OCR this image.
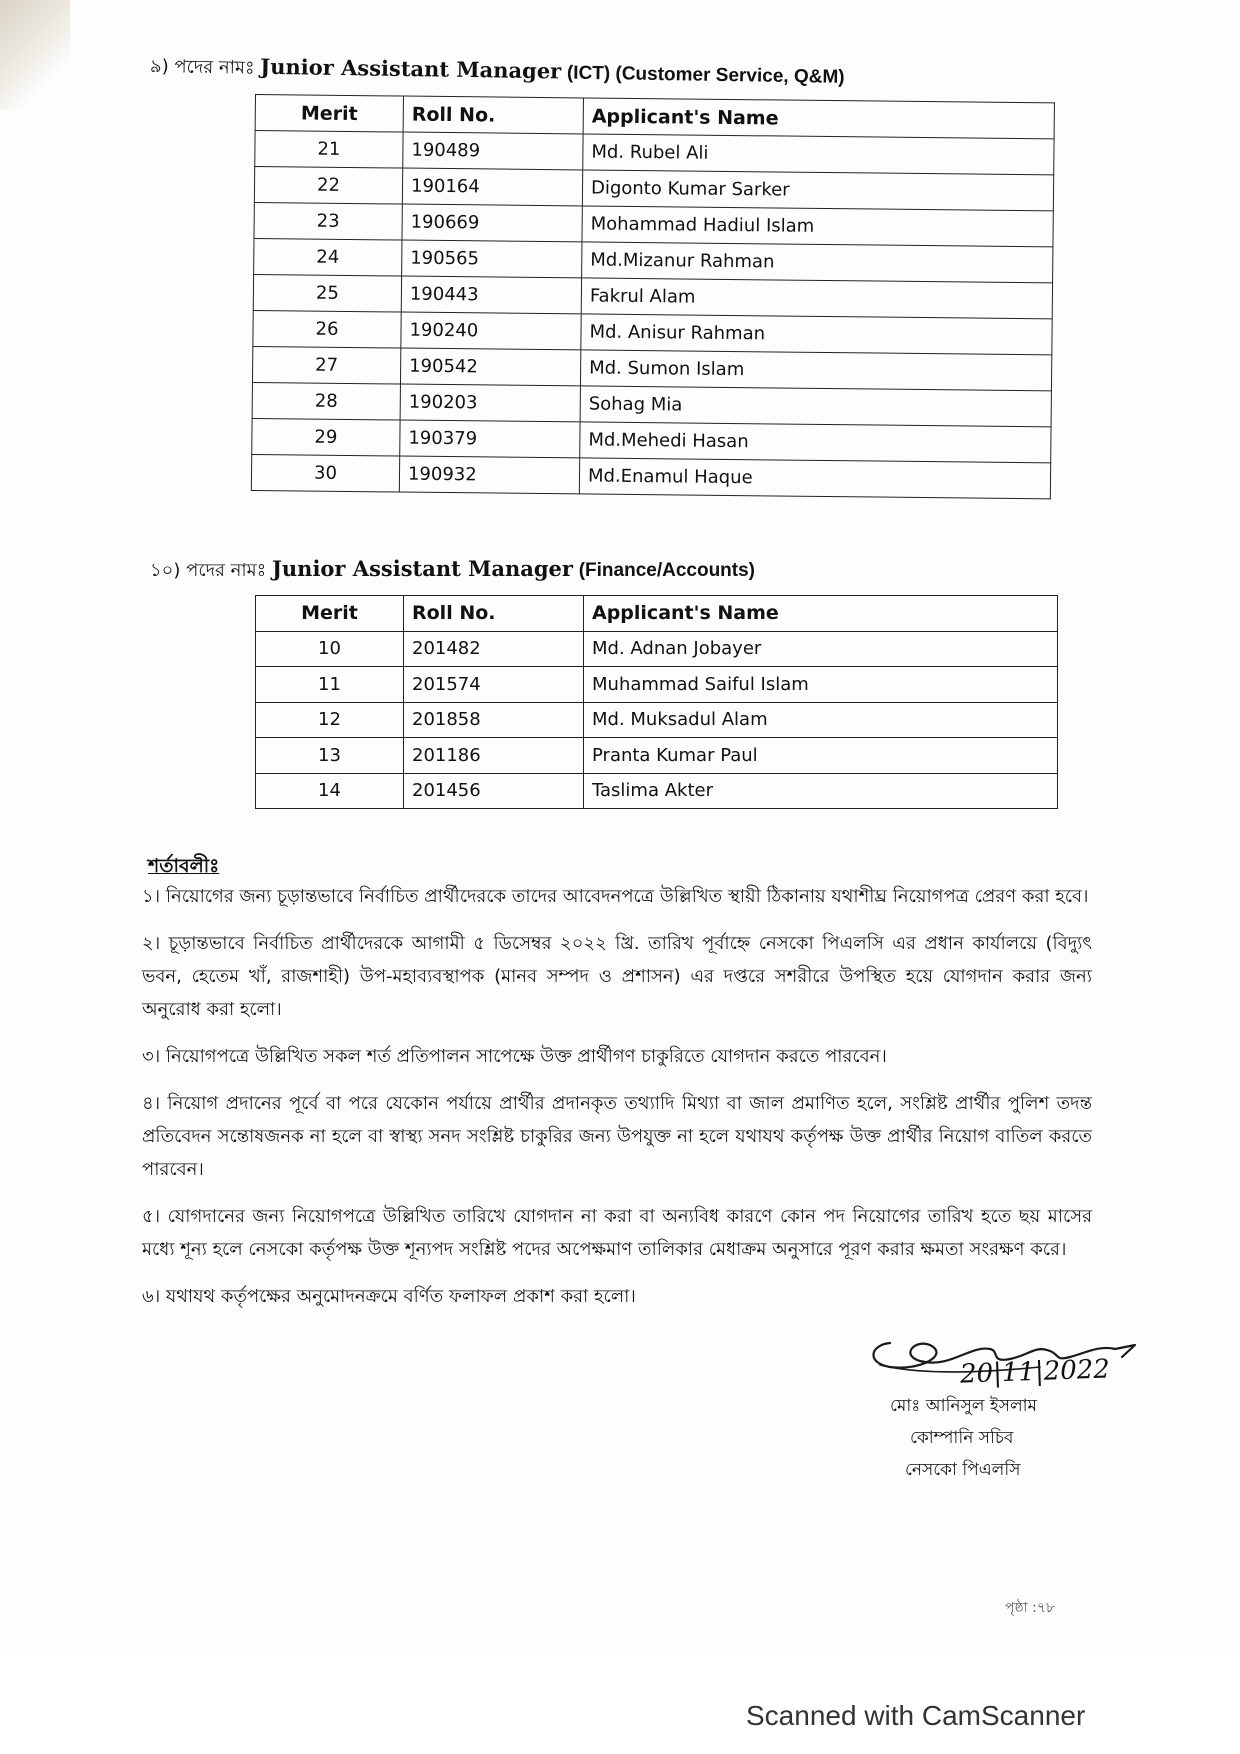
৯) পদের নামঃ Junior Assistant Manager (ICT) (Customer Service, Q&M)
Merit	Roll No.	Applicant's Name
21	190489	Md. Rubel Ali
22	190164	Digonto Kumar Sarker
23	190669	Mohammad Hadiul Islam
24	190565	Md.Mizanur Rahman
25	190443	Fakrul Alam
26	190240	Md. Anisur Rahman
27	190542	Md. Sumon Islam
28	190203	Sohag Mia
29	190379	Md.Mehedi Hasan
30	190932	Md.Enamul Haque
১০) পদের নামঃ Junior Assistant Manager (Finance/Accounts)
Merit	Roll No.	Applicant's Name
10	201482	Md. Adnan Jobayer
11	201574	Muhammad Saiful Islam
12	201858	Md. Muksadul Alam
13	201186	Pranta Kumar Paul
14	201456	Taslima Akter
শর্তাবলীঃ

১। নিয়োগের জন্য চূড়ান্তভাবে নির্বাচিত প্রার্থীদেরকে তাদের আবেদনপত্রে উল্লিখিত স্থায়ী ঠিকানায় যথাশীঘ্র নিয়োগপত্র প্রেরণ করা হবে।

২। চূড়ান্তভাবে নির্বাচিত প্রার্থীদেরকে আগামী ৫ ডিসেম্বর ২০২২ খ্রি. তারিখ পূর্বাহ্নে নেসকো পিএলসি এর প্রধান কার্যালয়ে (বিদ্যুৎ ভবন, হেতেম খাঁ, রাজশাহী) উপ-মহাব্যবস্থাপক (মানব সম্পদ ও প্রশাসন) এর দপ্তরে সশরীরে উপস্থিত হয়ে যোগদান করার জন্য অনুরোধ করা হলো।

৩। নিয়োগপত্রে উল্লিখিত সকল শর্ত প্রতিপালন সাপেক্ষে উক্ত প্রার্থীগণ চাকুরিতে যোগদান করতে পারবেন।

৪। নিয়োগ প্রদানের পূর্বে বা পরে যেকোন পর্যায়ে প্রার্থীর প্রদানকৃত তথ্যাদি মিথ্যা বা জাল প্রমাণিত হলে, সংশ্লিষ্ট প্রার্থীর পুলিশ তদন্ত প্রতিবেদন সন্তোষজনক না হলে বা স্বাস্থ্য সনদ সংশ্লিষ্ট চাকুরির জন্য উপযুক্ত না হলে যথাযথ কর্তৃপক্ষ উক্ত প্রার্থীর নিয়োগ বাতিল করতে পারবেন।

৫। যোগদানের জন্য নিয়োগপত্রে উল্লিখিত তারিখে যোগদান না করা বা অন্যবিধ কারণে কোন পদ নিয়োগের তারিখ হতে ছয় মাসের মধ্যে শূন্য হলে নেসকো কর্তৃপক্ষ উক্ত শূন্যপদ সংশ্লিষ্ট পদের অপেক্ষমাণ তালিকার মেধাক্রম অনুসারে পূরণ করার ক্ষমতা সংরক্ষণ করে।

৬। যথাযথ কর্তৃপক্ষের অনুমোদনক্রমে বর্ণিত ফলাফল প্রকাশ করা হলো।

20|11|2022
মোঃ আনিসুল ইসলাম
কোম্পানি সচিব
নেসকো পিএলসি
পৃষ্ঠা :৭৮
Scanned with CamScanner
